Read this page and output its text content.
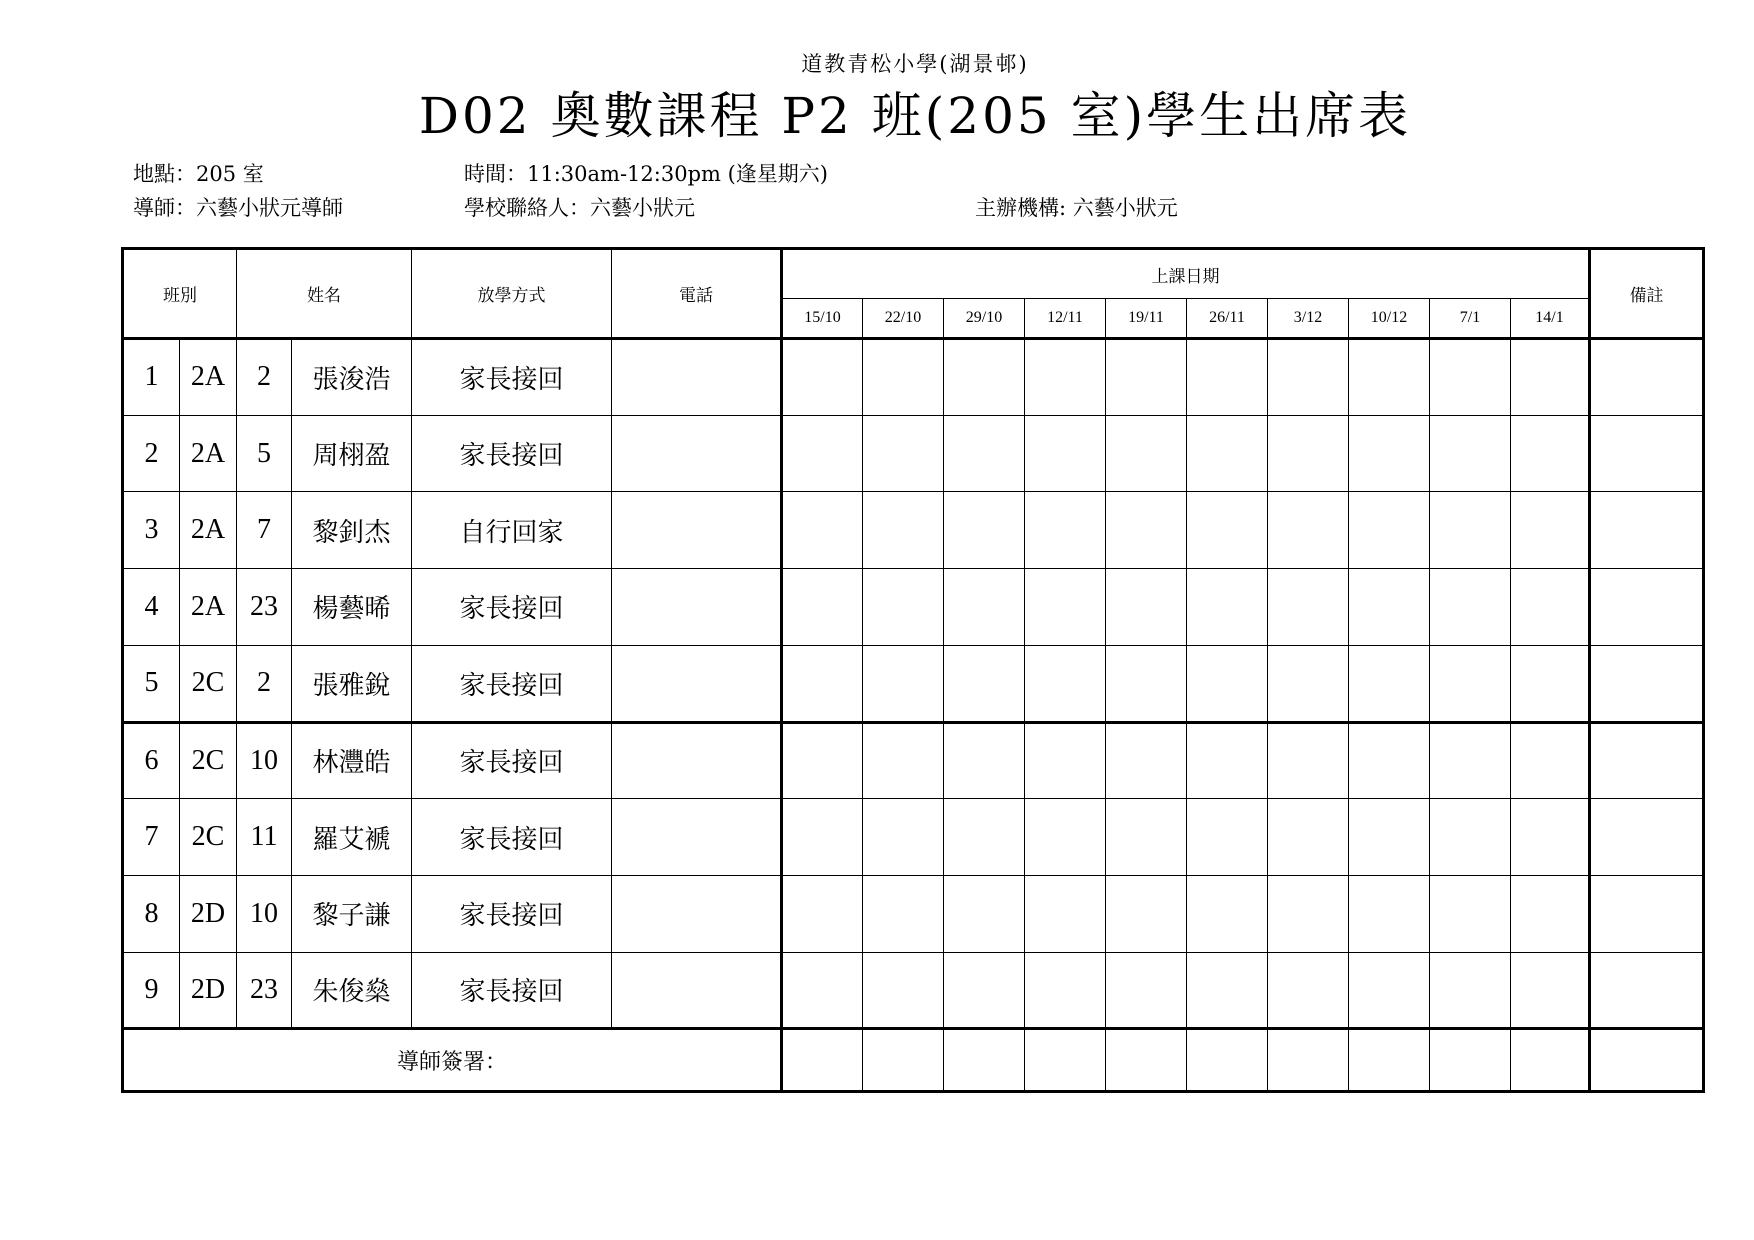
道教青松小學(湖景邨)
D02 奧數課程 P2 班(205 室)學生出席表
地點：205 室	時間：11:30am-12:30pm (逢星期六)
導師：六藝小狀元導師	學校聯絡人：六藝小狀元	主辦機構: 六藝小狀元
班別		姓名		放學方式	電話	上課日期										備註
						15/10	22/10	29/10	12/11	19/11	26/11	3/12	10/12	7/1	14/1	
1	2A	2	張浚浩	家長接回												
2	2A	5	周栩盈	家長接回												
3	2A	7	黎釗杰	自行回家												
4	2A	23	楊藝晞	家長接回												
5	2C	2	張雅銳	家長接回												
6	2C	10	林灃皓	家長接回												
7	2C	11	羅艾褫	家長接回												
8	2D	10	黎子謙	家長接回												
9	2D	23	朱俊燊	家長接回												
導師簽署：																
